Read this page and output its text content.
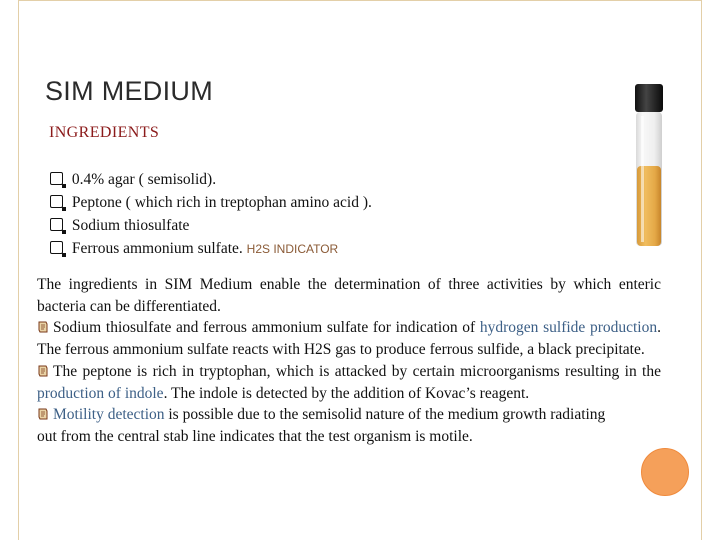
SIM MEDIUM
INGREDIENTS
0.4% agar ( semisolid).
Peptone ( which rich in treptophan amino acid ).
Sodium thiosulfate
Ferrous ammonium sulfate. H2S INDICATOR

The ingredients in SIM Medium enable the determination of three activities by which enteric bacteria can be differentiated.

Sodium thiosulfate and ferrous ammonium sulfate for indication of hydrogen sulfide production. The ferrous ammonium sulfate reacts with H2S gas to produce ferrous sulfide, a black precipitate.

The peptone is rich in tryptophan, which is attacked by certain microorganisms resulting in the production of indole. The indole is detected by the addition of Kovac’s reagent.

Motility detection is possible due to the semisolid nature of the medium growth radiating out from the central stab line indicates that the test organism is motile.
